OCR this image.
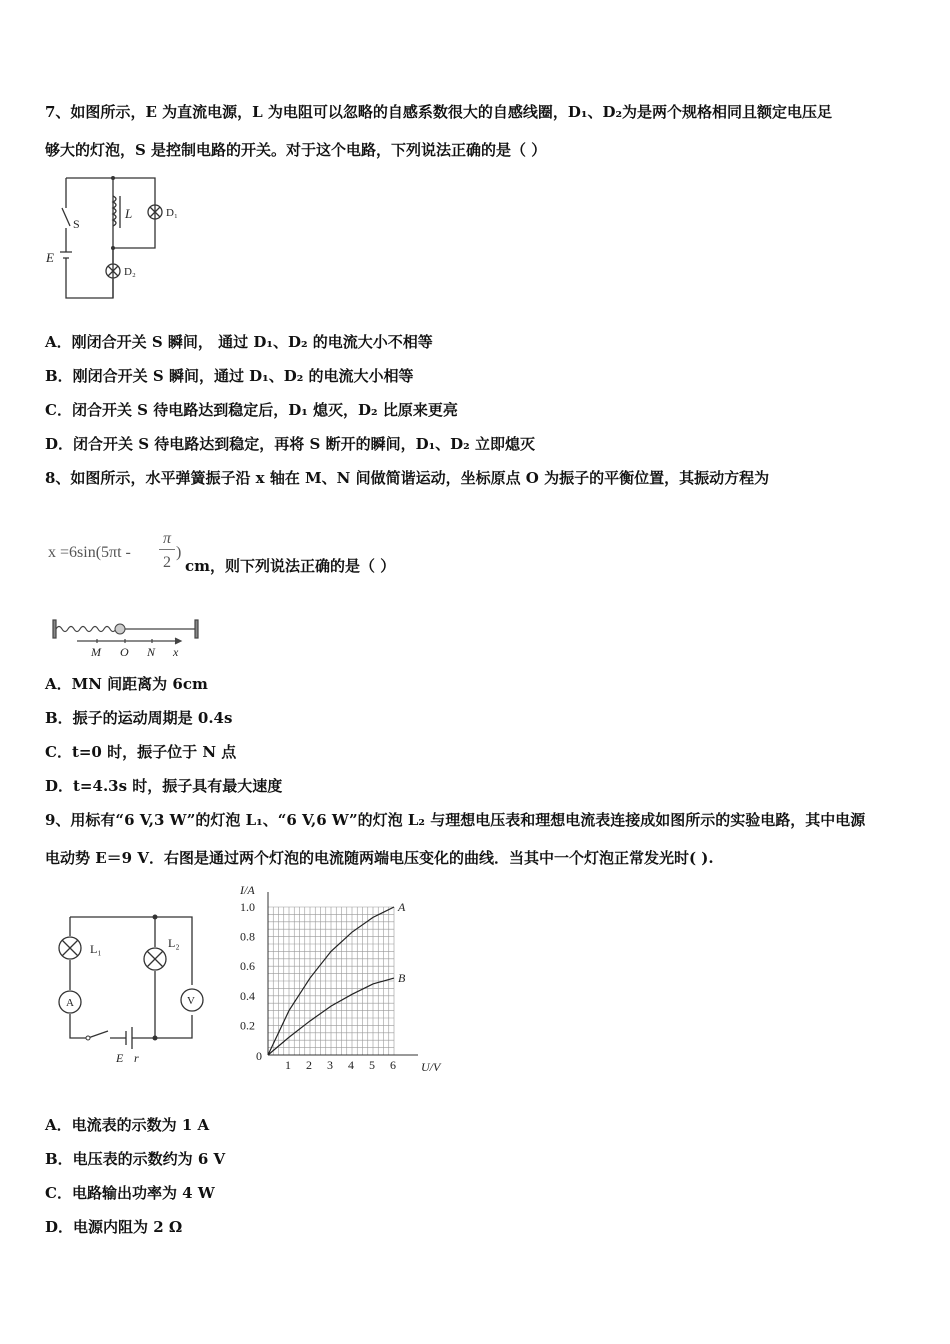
7、如图所示，E 为直流电源，L 为电阻可以忽略的自感系数很大的自感线圈，D₁、D₂为是两个规格相同且额定电压足
够大的灯泡，S 是控制电路的开关。对于这个电路，下列说法正确的是（ ）
S
L	D₁
D₂
E
A．刚闭合开关 S 瞬间， 通过 D₁、D₂ 的电流大小不相等
B．刚闭合开关 S 瞬间，通过 D₁、D₂ 的电流大小相等
C．闭合开关 S 待电路达到稳定后，D₁ 熄灭，D₂ 比原来更亮
D．闭合开关 S 待电路达到稳定，再将 S 断开的瞬间，D₁、D₂ 立即熄灭
8、如图所示，水平弹簧振子沿 x 轴在 M、N 间做简谐运动，坐标原点 O 为振子的平衡位置，其振动方程为
x =6sin(5πt -
π
2
)
cm，则下列说法正确的是（ ）
M O N x
A．MN 间距离为 6cm
B．振子的运动周期是 0.4s
C．t=0 时，振子位于 N 点
D．t=4.3s 时，振子具有最大速度
9、用标有“6 V,3 W”的灯泡 L₁、“6 V,6 W”的灯泡 L₂ 与理想电压表和理想电流表连接成如图所示的实验电路，其中电源
电动势 E＝9 V．右图是通过两个灯泡的电流随两端电压变化的曲线．当其中一个灯泡正常发光时( ).
A	V
L₁	L₂
E r	1 2 3 4 5 6
0.2
0.4
0.6
0.8
1.0
0
U/V
I/A
A
B
A．电流表的示数为 1 A
B．电压表的示数约为 6 V
C．电路输出功率为 4 W
D．电源内阻为 2 Ω
